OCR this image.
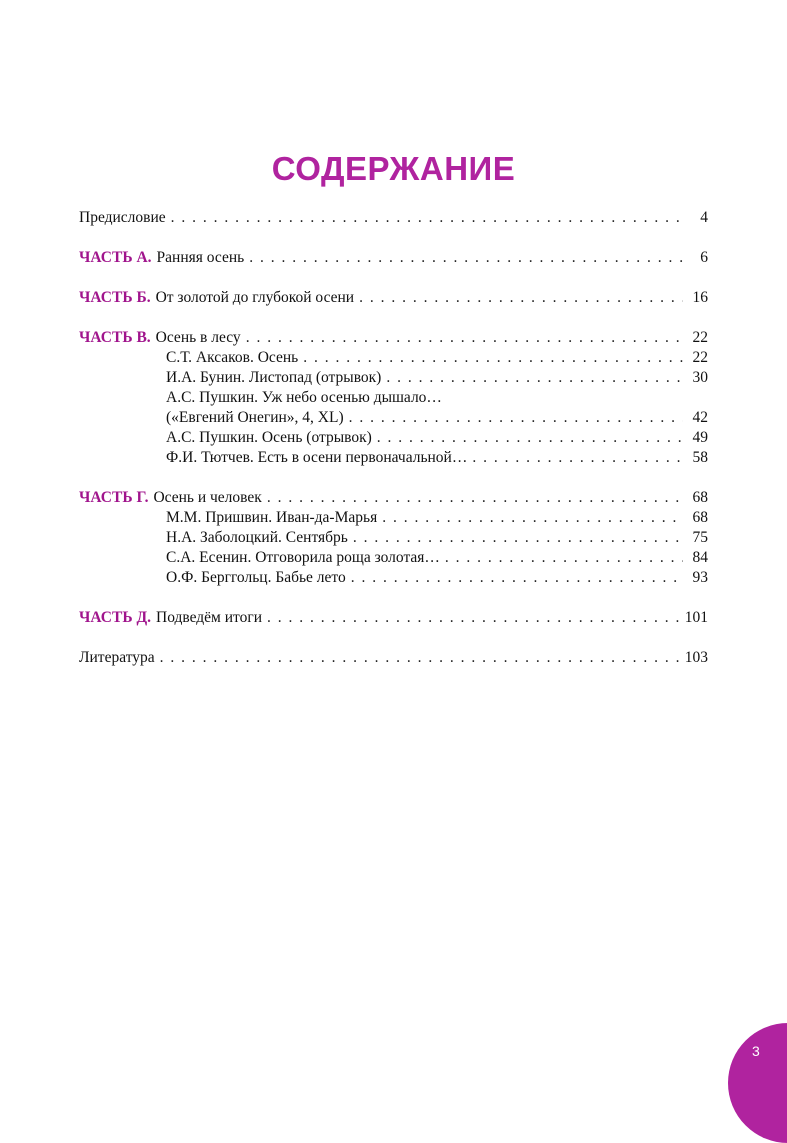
СОДЕРЖАНИЕ
Предисловие . . .	4
ЧАСТЬ А. Ранняя осень . . .	6
ЧАСТЬ Б. От золотой до глубокой осени . . .	16
ЧАСТЬ В. Осень в лесу . . .	22
С.Т. Аксаков. Осень . . .	22
И.А. Бунин. Листопад (отрывок) . . .	30
А.С. Пушкин. Уж небо осенью дышало…
(«Евгений Онегин», 4, XL) . . .	42
А.С. Пушкин. Осень (отрывок) . . .	49
Ф.И. Тютчев. Есть в осени первоначальной… . . .	58
ЧАСТЬ Г. Осень и человек . . .	68
М.М. Пришвин. Иван-да-Марья . . .	68
Н.А. Заболоцкий. Сентябрь . . .	75
С.А. Есенин. Отговорила роща золотая… . . .	84
О.Ф. Берггольц. Бабье лето . . .	93
ЧАСТЬ Д. Подведём итоги . . .	101
Литература . . .	103
3
